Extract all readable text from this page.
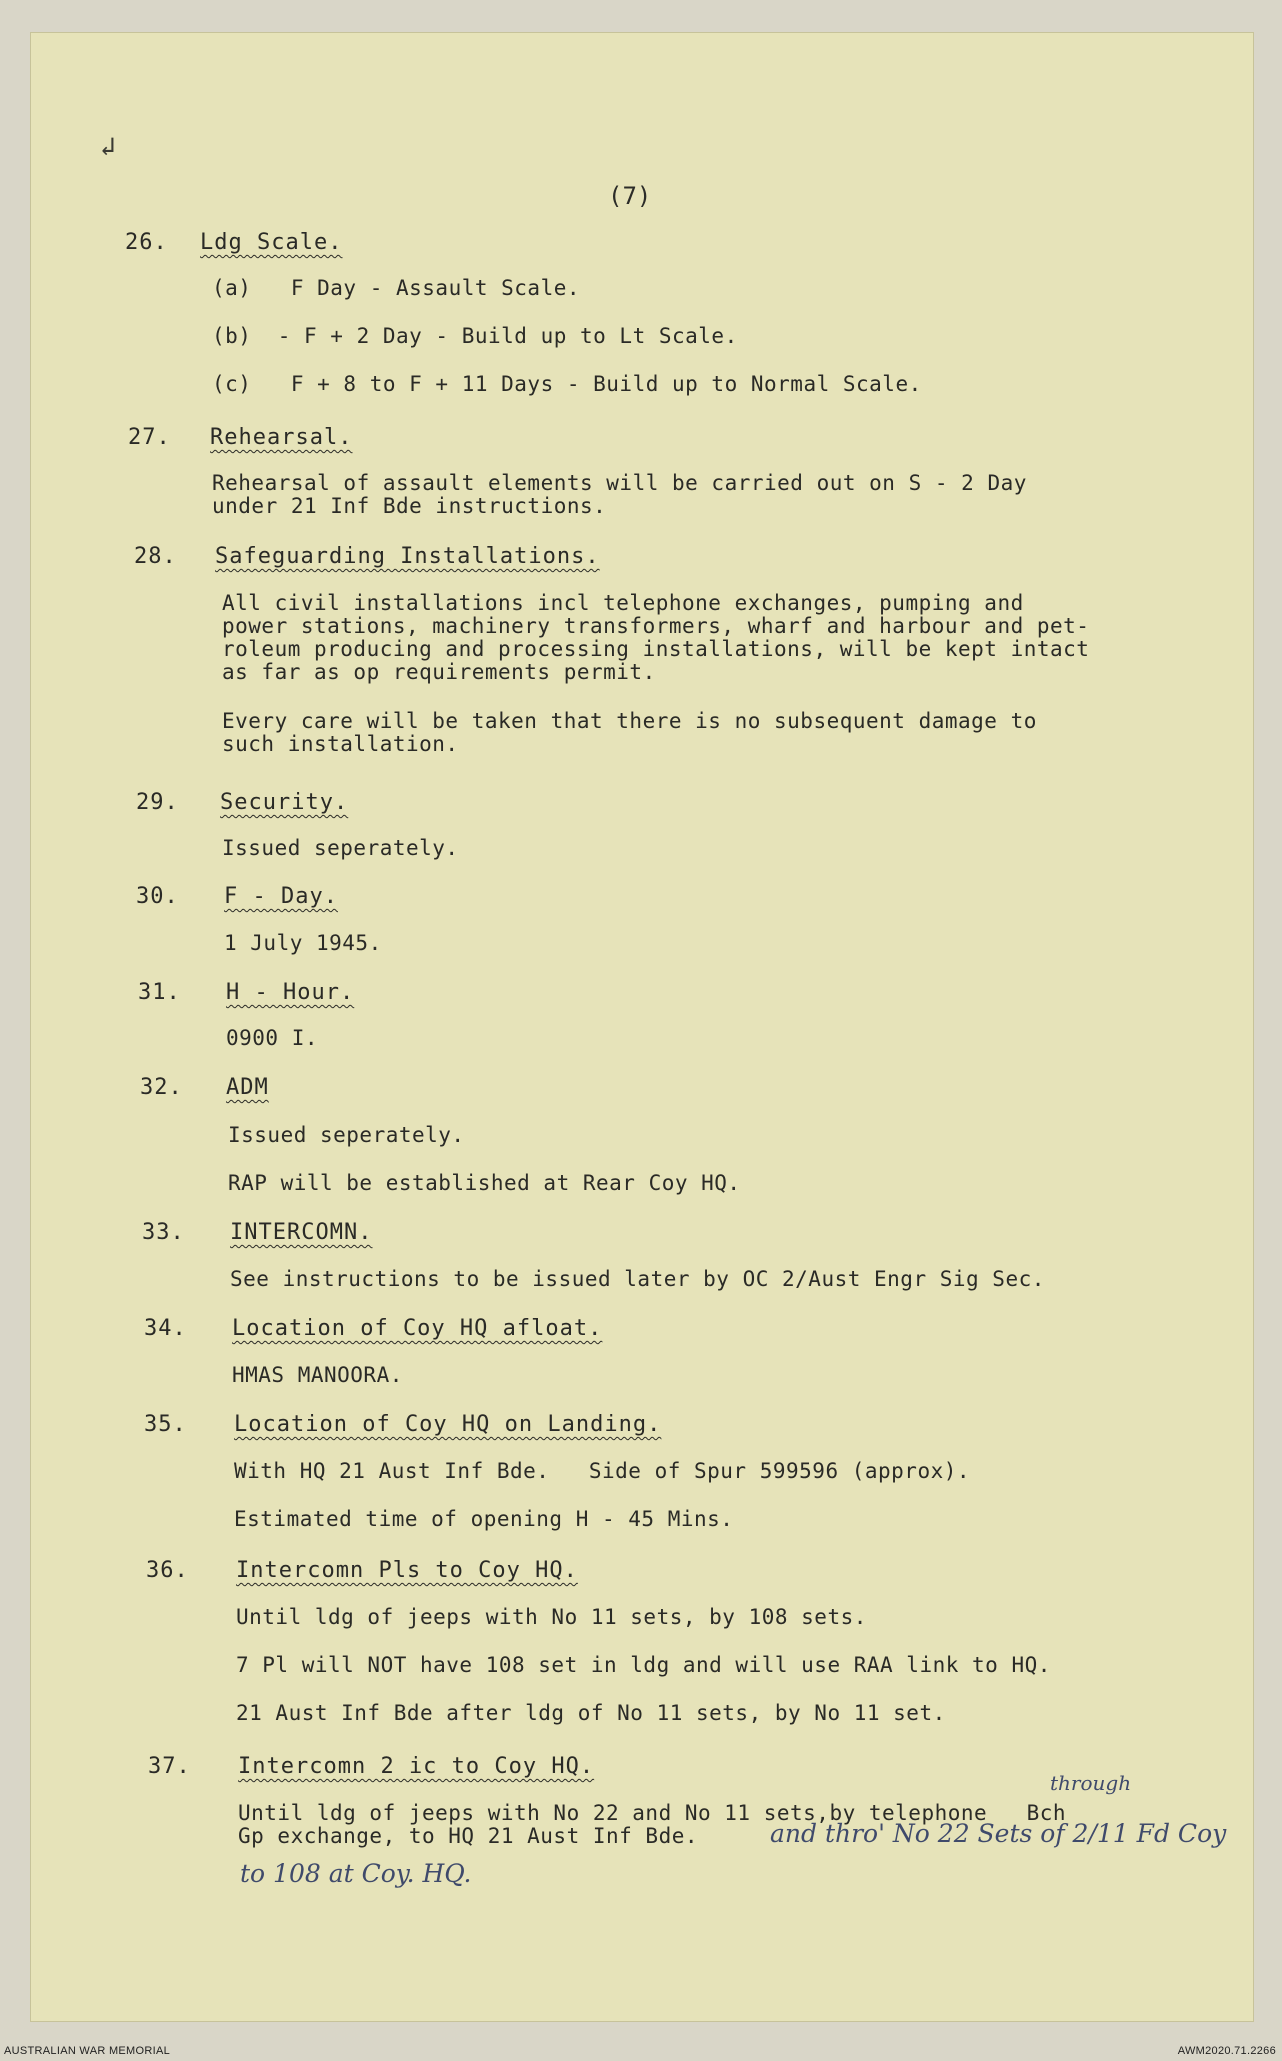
↲
(7)
26. Ldg Scale.
(a)   F Day - Assault Scale.
(b)  - F + 2 Day - Build up to Lt Scale.
(c)   F + 8 to F + 11 Days - Build up to Normal Scale.
27. Rehearsal.
Rehearsal of assault elements will be carried out on S - 2 Day
under 21 Inf Bde instructions.
28. Safeguarding Installations.
All civil installations incl telephone exchanges, pumping and
power stations, machinery transformers, wharf and harbour and pet-
roleum producing and processing installations, will be kept intact
as far as op requirements permit.
Every care will be taken that there is no subsequent damage to
such installation.
29. Security.
Issued seperately.
30. F - Day.
1 July 1945.
31. H - Hour.
0900 I.
32. ADM
Issued seperately.
RAP will be established at Rear Coy HQ.
33. INTERCOMN.
See instructions to be issued later by OC 2/Aust Engr Sig Sec.
34. Location of Coy HQ afloat.
HMAS MANOORA.
35. Location of Coy HQ on Landing.
With HQ 21 Aust Inf Bde.   Side of Spur 599596 (approx).
Estimated time of opening H - 45 Mins.
36. Intercomn Pls to Coy HQ.
Until ldg of jeeps with No 11 sets, by 108 sets.
7 Pl will NOT have 108 set in ldg and will use RAA link to HQ.
21 Aust Inf Bde after ldg of No 11 sets, by No 11 set.
37. Intercomn 2 ic to Coy HQ.
Until ldg of jeeps with No 22 and No 11 sets,by telephone   Bch
Gp exchange, to HQ 21 Aust Inf Bde.
through
and thro' No 22 Sets of 2/11 Fd Coy
to 108 at Coy. HQ.
AUSTRALIAN WAR MEMORIAL	AWM2020.71.2266
